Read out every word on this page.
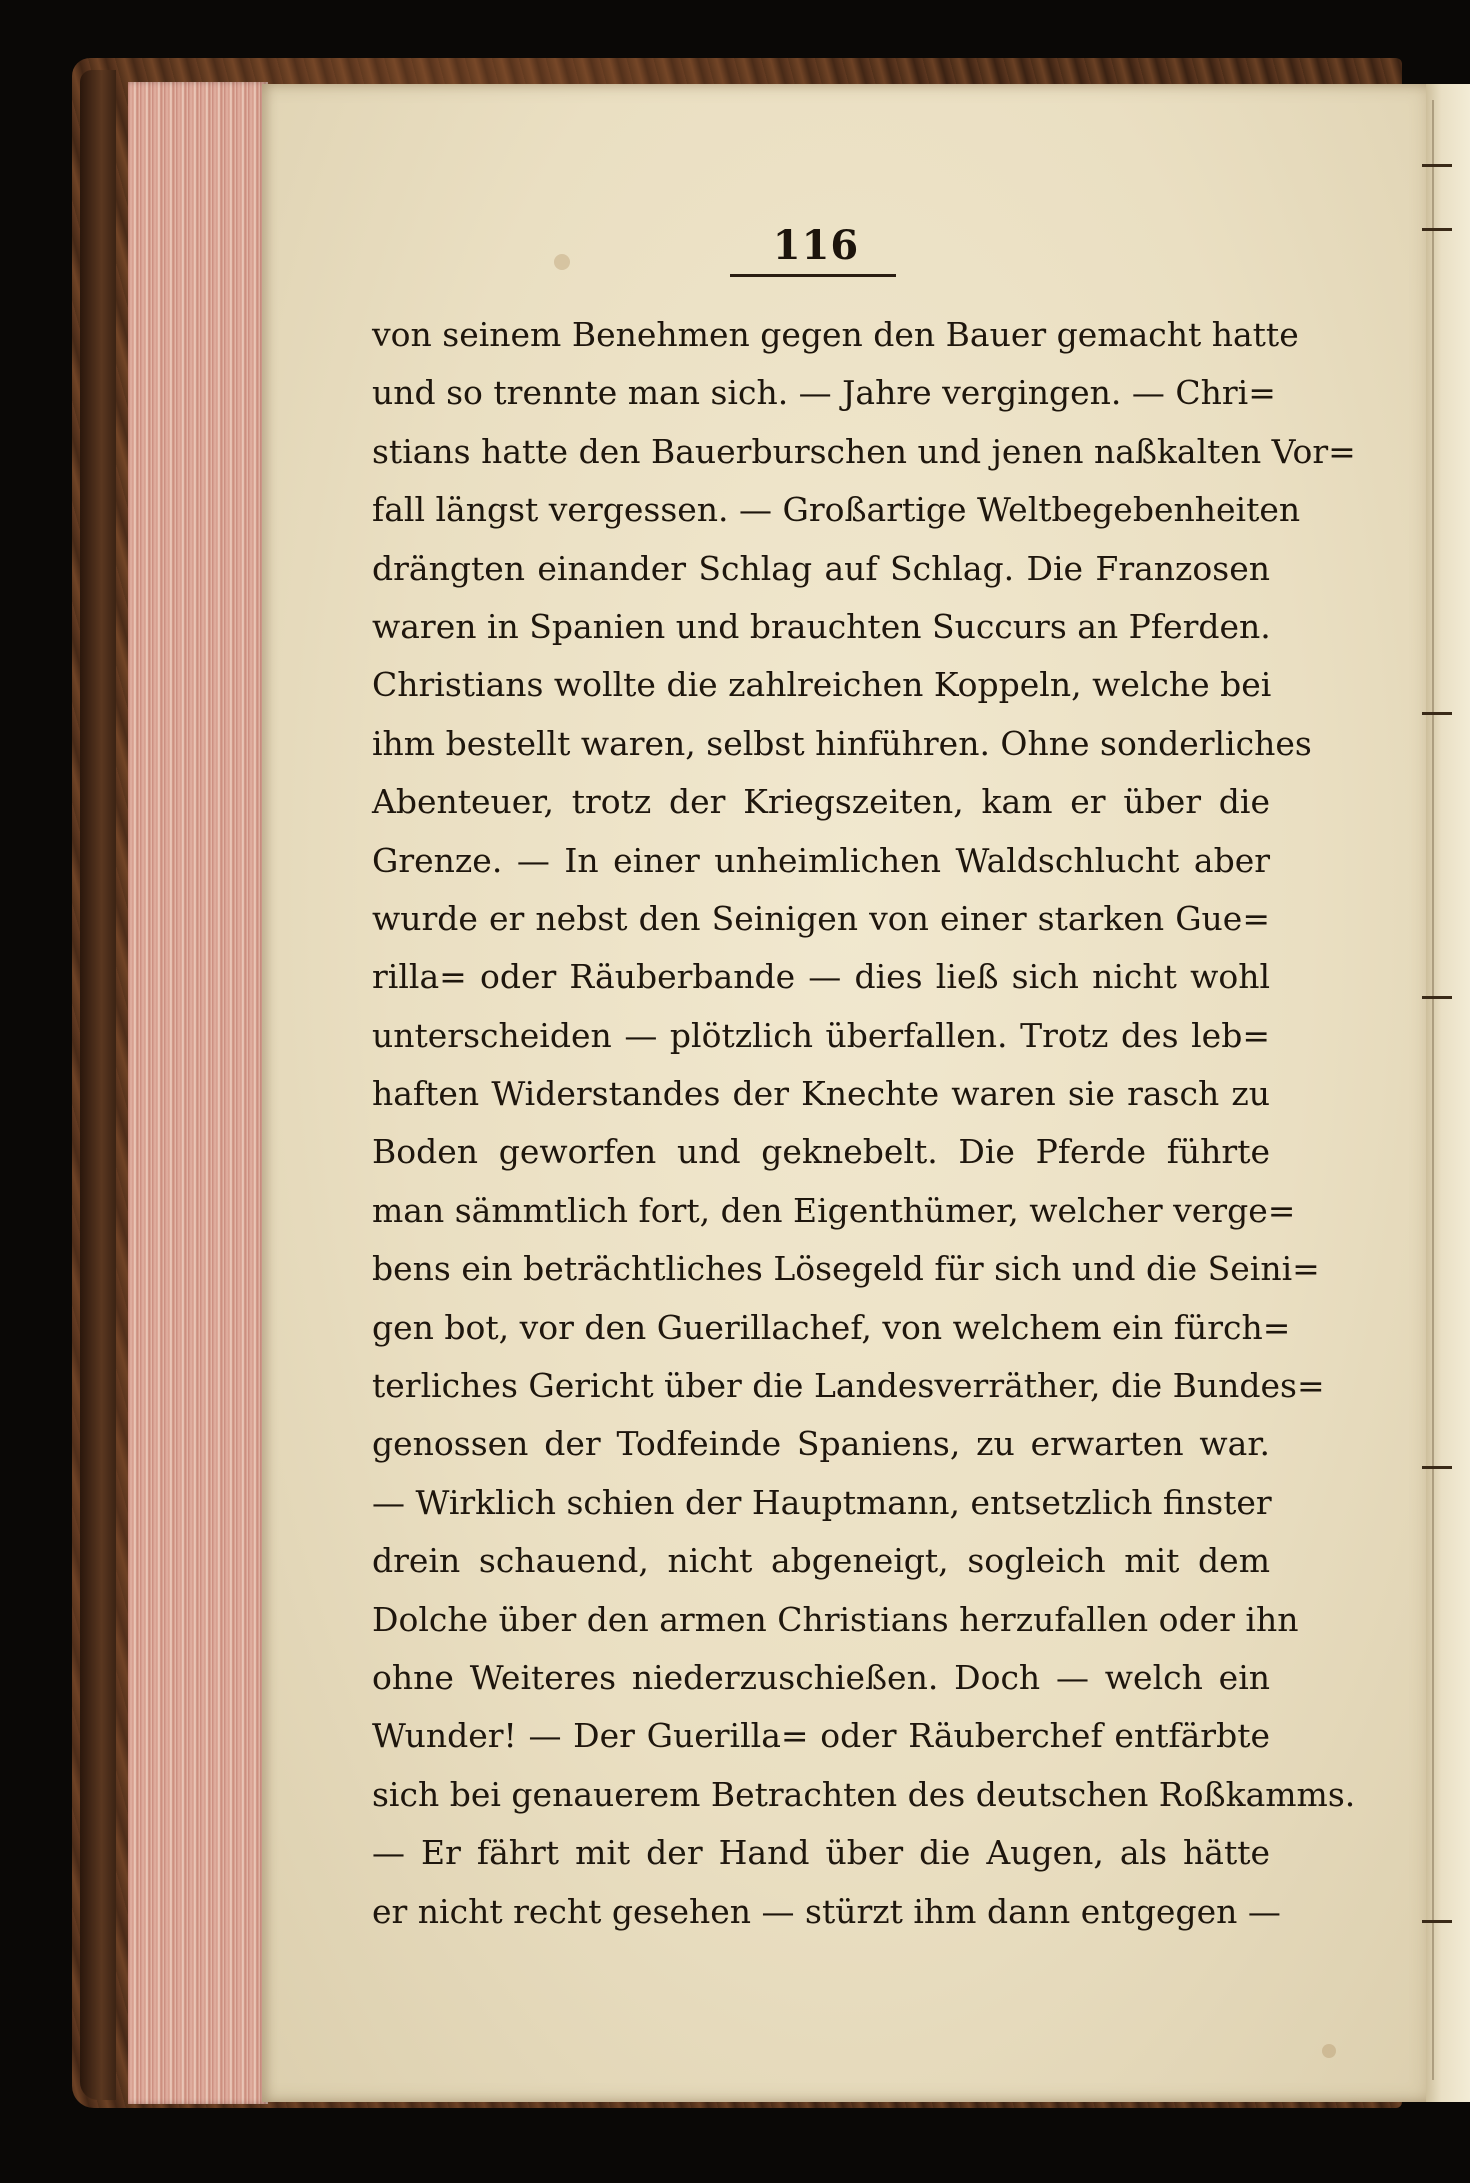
116
von seinem Benehmen gegen den Bauer gemacht hatte
und so trennte man sich. — Jahre vergingen. — Chri=
stians hatte den Bauerburschen und jenen naßkalten Vor=
fall längst vergessen. — Großartige Weltbegebenheiten
drängten einander Schlag auf Schlag. Die Franzosen
waren in Spanien und brauchten Succurs an Pferden.
Christians wollte die zahlreichen Koppeln, welche bei
ihm bestellt waren, selbst hinführen. Ohne sonderliches
Abenteuer, trotz der Kriegszeiten, kam er über die
Grenze. — In einer unheimlichen Waldschlucht aber
wurde er nebst den Seinigen von einer starken Gue=
rilla= oder Räuberbande — dies ließ sich nicht wohl
unterscheiden — plötzlich überfallen. Trotz des leb=
haften Widerstandes der Knechte waren sie rasch zu
Boden geworfen und geknebelt. Die Pferde führte
man sämmtlich fort, den Eigenthümer, welcher verge=
bens ein beträchtliches Lösegeld für sich und die Seini=
gen bot, vor den Guerillachef, von welchem ein fürch=
terliches Gericht über die Landesverräther, die Bundes=
genossen der Todfeinde Spaniens, zu erwarten war.
— Wirklich schien der Hauptmann, entsetzlich finster
drein schauend, nicht abgeneigt, sogleich mit dem
Dolche über den armen Christians herzufallen oder ihn
ohne Weiteres niederzuschießen. Doch — welch ein
Wunder! — Der Guerilla= oder Räuberchef entfärbte
sich bei genauerem Betrachten des deutschen Roßkamms.
— Er fährt mit der Hand über die Augen, als hätte
er nicht recht gesehen — stürzt ihm dann entgegen —
